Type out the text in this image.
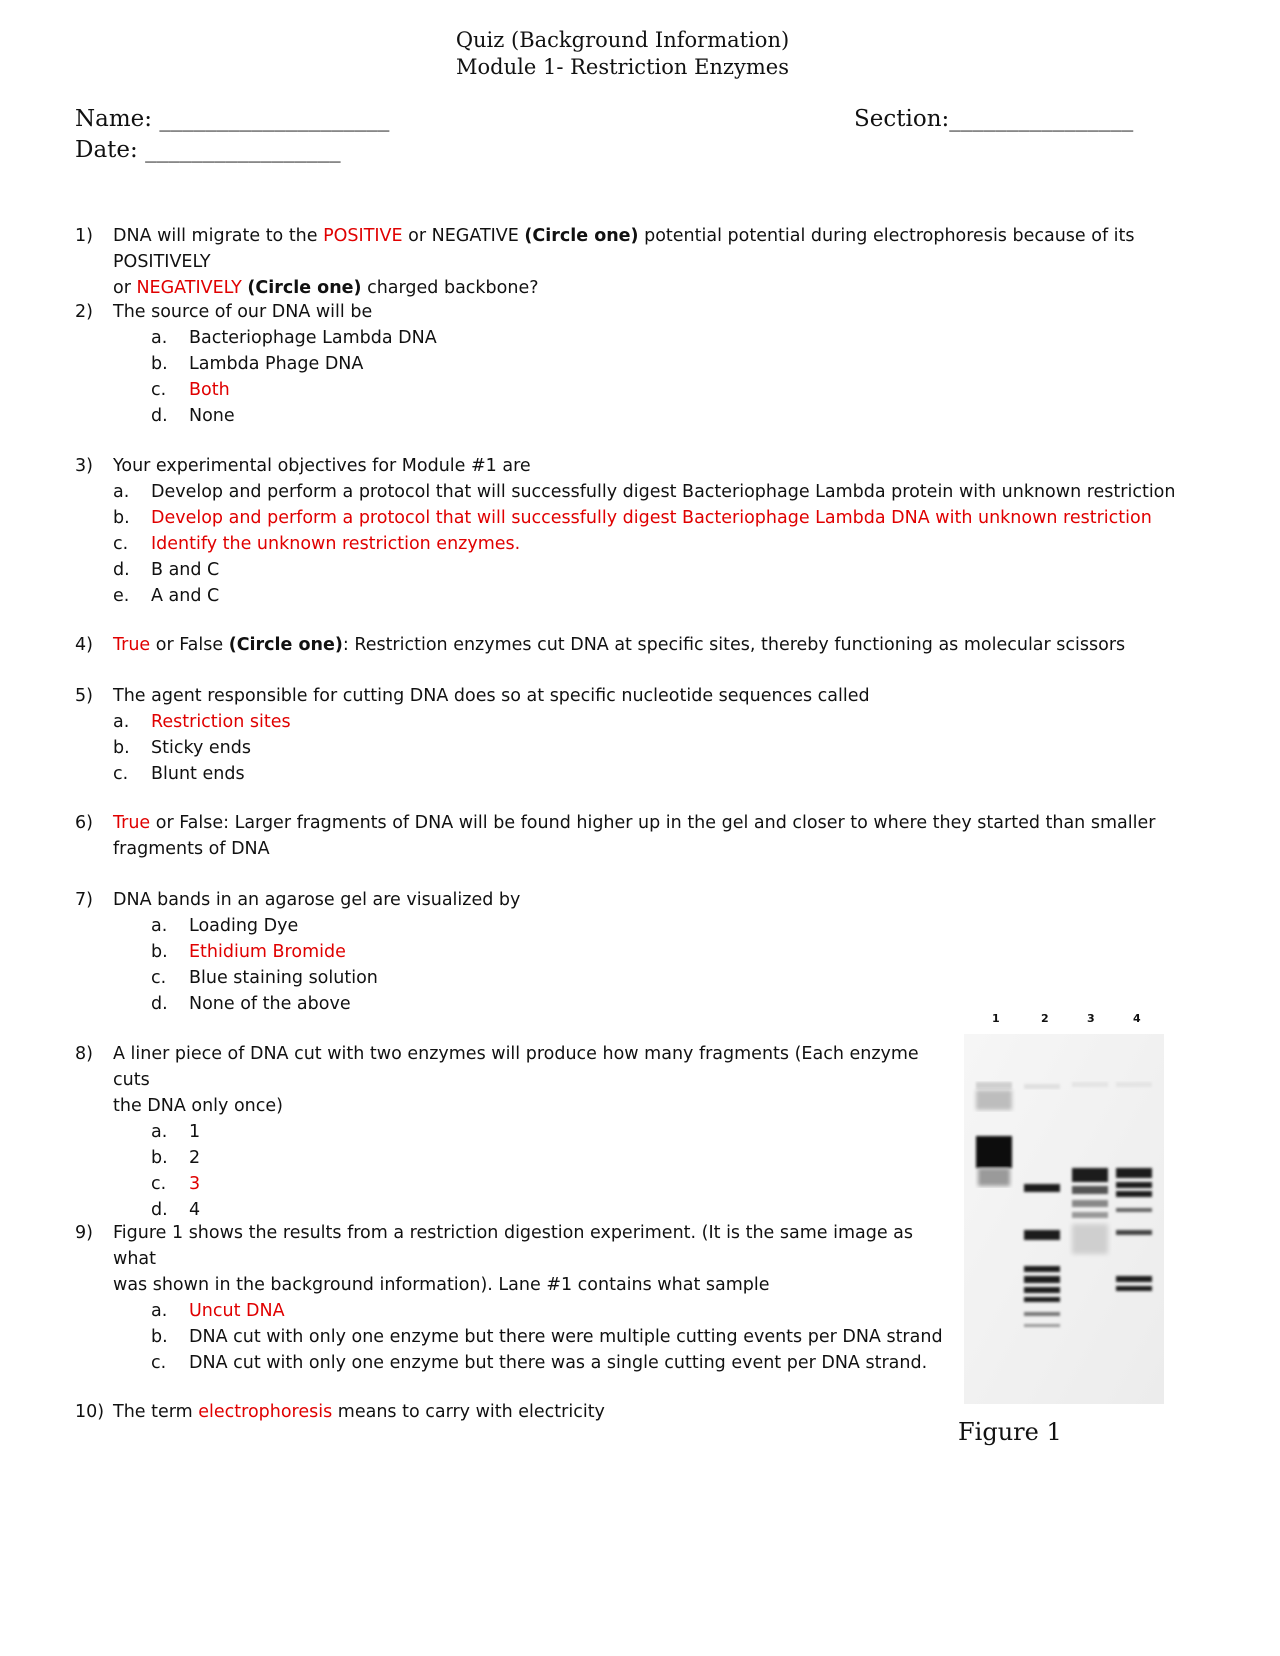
Quiz (Background Information)
Module 1- Restriction Enzymes
Name: ____________________	Section:________________
Date: _________________
1) DNA will migrate to the POSITIVE or NEGATIVE (Circle one) potential potential during electrophoresis because of its POSITIVELY
or NEGATIVELY (Circle one) charged backbone?
2) The source of our DNA will be
a. Bacteriophage Lambda DNA
b. Lambda Phage DNA
c. Both
d. None
3) Your experimental objectives for Module #1 are
a. Develop and perform a protocol that will successfully digest Bacteriophage Lambda protein with unknown restriction
b. Develop and perform a protocol that will successfully digest Bacteriophage Lambda DNA with unknown restriction
c. Identify the unknown restriction enzymes.
d. B and C
e. A and C
4) True or False (Circle one): Restriction enzymes cut DNA at specific sites, thereby functioning as molecular scissors
5) The agent responsible for cutting DNA does so at specific nucleotide sequences called
a. Restriction sites
b. Sticky ends
c. Blunt ends
6) True or False: Larger fragments of DNA will be found higher up in the gel and closer to where they started than smaller
fragments of DNA
7) DNA bands in an agarose gel are visualized by
a. Loading Dye
b. Ethidium Bromide
c. Blue staining solution
d. None of the above
8) A liner piece of DNA cut with two enzymes will produce how many fragments (Each enzyme cuts
the DNA only once)
a. 1
b. 2
c. 3
d. 4
9) Figure 1 shows the results from a restriction digestion experiment. (It is the same image as what
was shown in the background information). Lane #1 contains what sample
a. Uncut DNA
b. DNA cut with only one enzyme but there were multiple cutting events per DNA strand
c. DNA cut with only one enzyme but there was a single cutting event per DNA strand.
10) The term electrophoresis means to carry with electricity
1	2	3	4
Figure 1
